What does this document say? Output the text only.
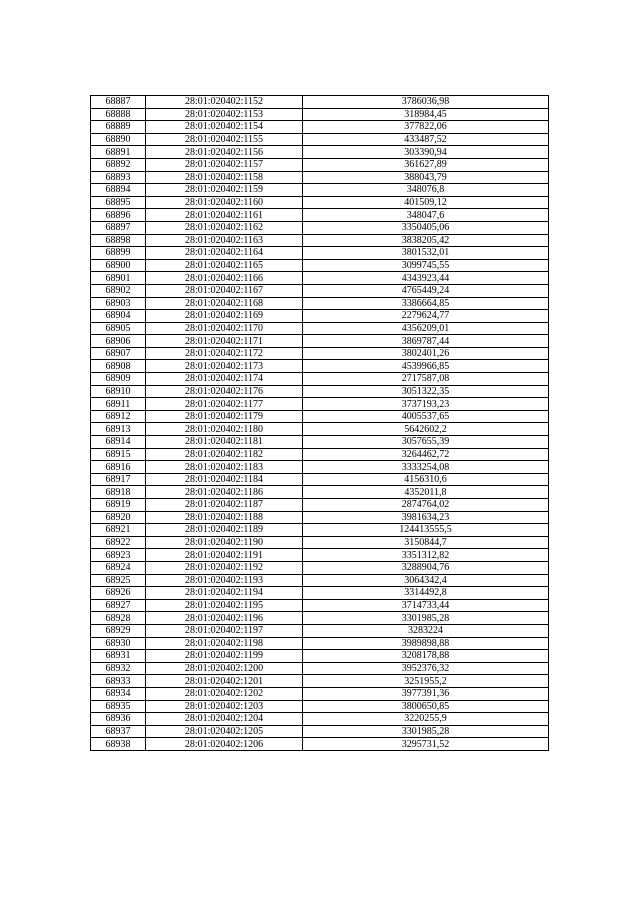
68887	28:01:020402:1152	3786036,98
68888	28:01:020402:1153	318984,45
68889	28:01:020402:1154	377822,06
68890	28:01:020402:1155	433487,52
68891	28:01:020402:1156	303390,94
68892	28:01:020402:1157	361627,89
68893	28:01:020402:1158	388043,79
68894	28:01:020402:1159	348076,8
68895	28:01:020402:1160	401509,12
68896	28:01:020402:1161	348047,6
68897	28:01:020402:1162	3350405,06
68898	28:01:020402:1163	3838205,42
68899	28:01:020402:1164	3801532,01
68900	28:01:020402:1165	3099745,55
68901	28:01:020402:1166	4343923,44
68902	28:01:020402:1167	4765449,24
68903	28:01:020402:1168	3386664,85
68904	28:01:020402:1169	2279624,77
68905	28:01:020402:1170	4356209,01
68906	28:01:020402:1171	3869787,44
68907	28:01:020402:1172	3802401,26
68908	28:01:020402:1173	4539966,85
68909	28:01:020402:1174	2717587,08
68910	28:01:020402:1176	3051322,35
68911	28:01:020402:1177	3737193,23
68912	28:01:020402:1179	4005537,65
68913	28:01:020402:1180	5642602,2
68914	28:01:020402:1181	3057655,39
68915	28:01:020402:1182	3264462,72
68916	28:01:020402:1183	3333254,08
68917	28:01:020402:1184	4156310,6
68918	28:01:020402:1186	4352011,8
68919	28:01:020402:1187	2874764,02
68920	28:01:020402:1188	3981634,23
68921	28:01:020402:1189	124413555,5
68922	28:01:020402:1190	3150844,7
68923	28:01:020402:1191	3351312,82
68924	28:01:020402:1192	3288904,76
68925	28:01:020402:1193	3064342,4
68926	28:01:020402:1194	3314492,8
68927	28:01:020402:1195	3714733,44
68928	28:01:020402:1196	3301985,28
68929	28:01:020402:1197	3283224
68930	28:01:020402:1198	3989898,88
68931	28:01:020402:1199	3208178,88
68932	28:01:020402:1200	3952376,32
68933	28:01:020402:1201	3251955,2
68934	28:01:020402:1202	3977391,36
68935	28:01:020402:1203	3800650,85
68936	28:01:020402:1204	3220255,9
68937	28:01:020402:1205	3301985,28
68938	28:01:020402:1206	3295731,52
